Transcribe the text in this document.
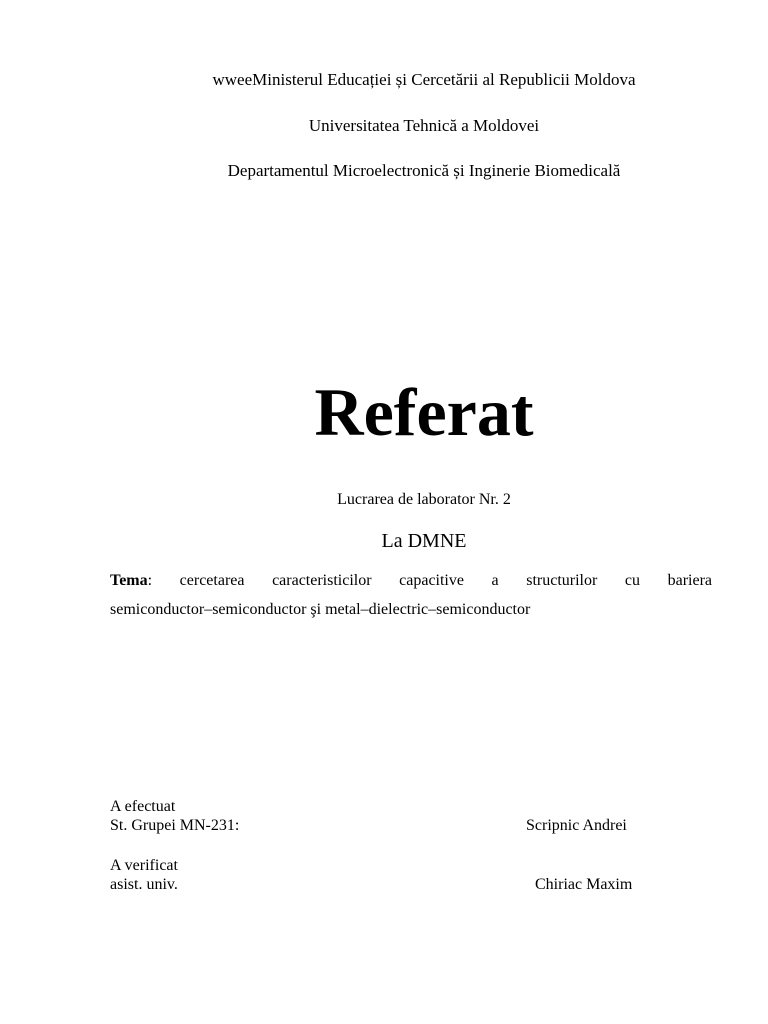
wweeMinisterul Educației și Cercetării al Republicii Moldova
Universitatea Tehnică a Moldovei
Departamentul Microelectronică și Inginerie Biomedicală
Referat
Lucrarea de laborator Nr. 2
La DMNE
Tema: cercetarea caracteristicilor capacitive a structurilor cu bariera
semiconductor–semiconductor şi metal–dielectric–semiconductor
A efectuat
St. Grupei MN-231:	Scripnic Andrei
A verificat
asist. univ.	Chiriac Maxim
